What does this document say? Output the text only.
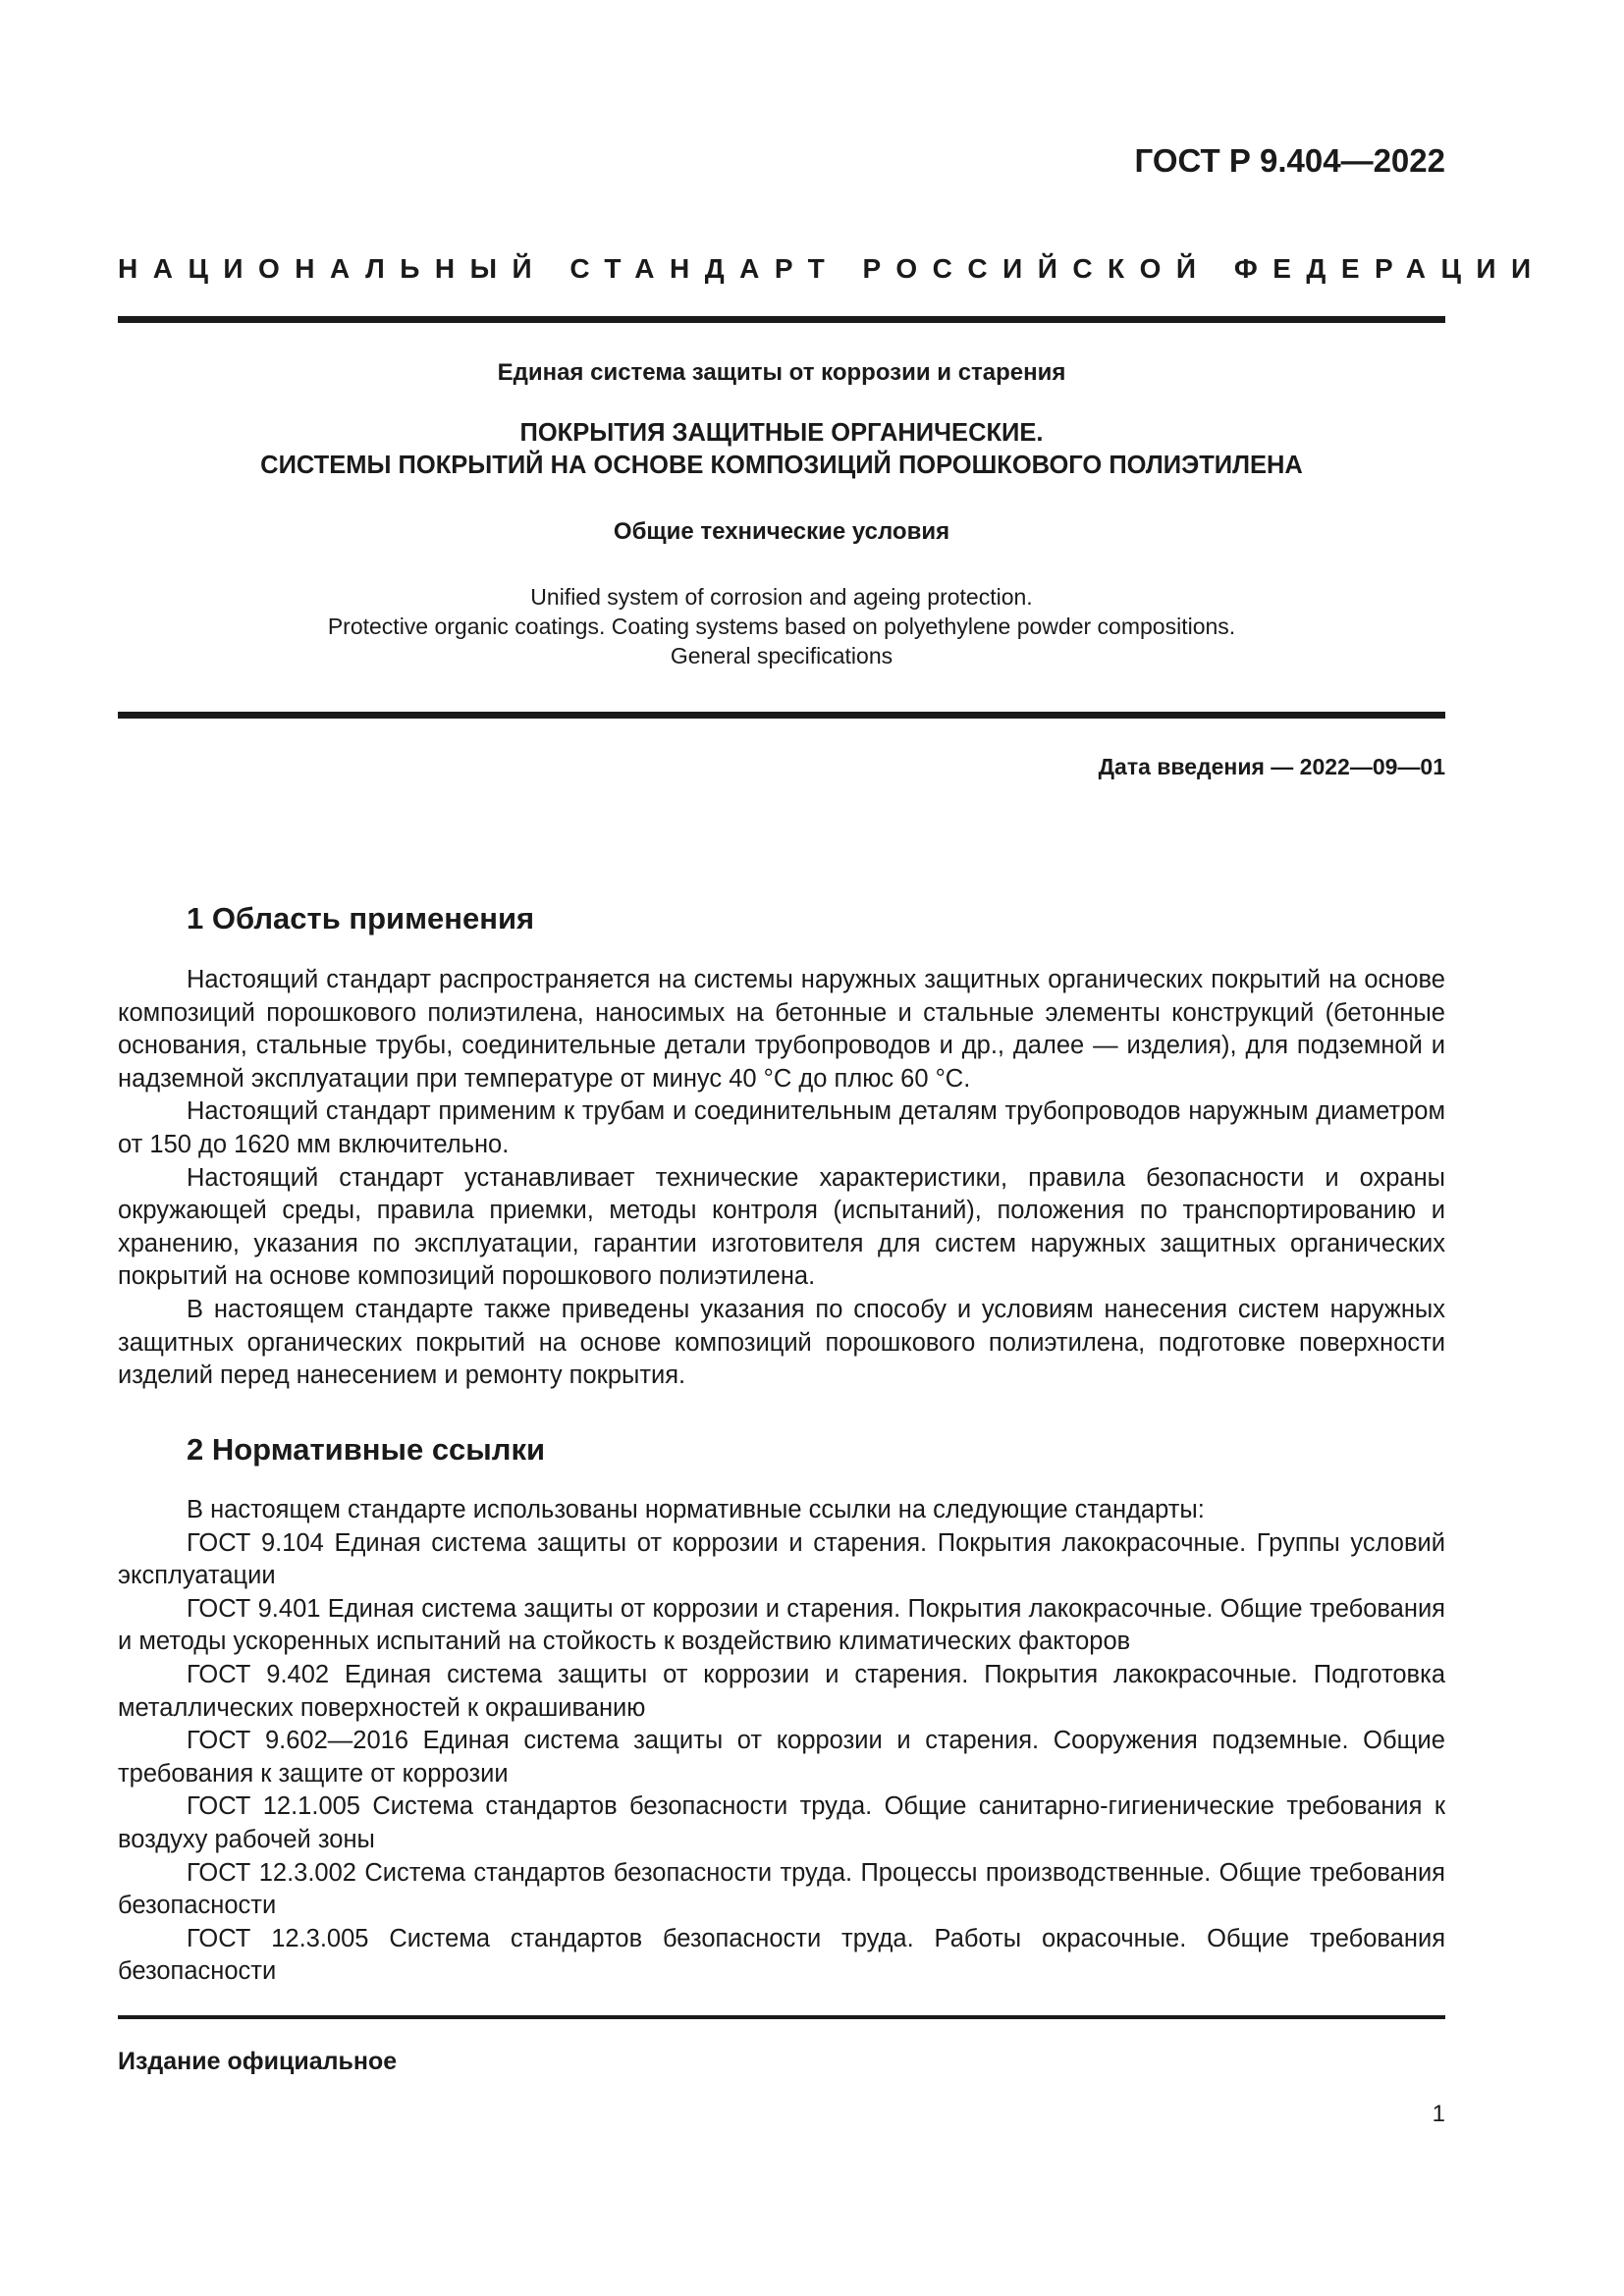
ГОСТ Р 9.404—2022
НАЦИОНАЛЬНЫЙ СТАНДАРТ РОССИЙСКОЙ ФЕДЕРАЦИИ
Единая система защиты от коррозии и старения
ПОКРЫТИЯ ЗАЩИТНЫЕ ОРГАНИЧЕСКИЕ.
СИСТЕМЫ ПОКРЫТИЙ НА ОСНОВЕ КОМПОЗИЦИЙ ПОРОШКОВОГО ПОЛИЭТИЛЕНА
Общие технические условия
Unified system of corrosion and ageing protection.
Protective organic coatings. Coating systems based on polyethylene powder compositions.
General specifications
Дата введения — 2022—09—01
1 Область применения

Настоящий стандарт распространяется на системы наружных защитных органических покрытий на основе композиций порошкового полиэтилена, наносимых на бетонные и стальные элементы конструкций (бетонные основания, стальные трубы, соединительные детали трубопроводов и др., далее — изделия), для подземной и надземной эксплуатации при температуре от минус 40 °С до плюс 60 °С.

Настоящий стандарт применим к трубам и соединительным деталям трубопроводов наружным диаметром от 150 до 1620 мм включительно.

Настоящий стандарт устанавливает технические характеристики, правила безопасности и охраны окружающей среды, правила приемки, методы контроля (испытаний), положения по транспортированию и хранению, указания по эксплуатации, гарантии изготовителя для систем наружных защитных органических покрытий на основе композиций порошкового полиэтилена.

В настоящем стандарте также приведены указания по способу и условиям нанесения систем наружных защитных органических покрытий на основе композиций порошкового полиэтилена, подготовке поверхности изделий перед нанесением и ремонту покрытия.

2 Нормативные ссылки

В настоящем стандарте использованы нормативные ссылки на следующие стандарты:

ГОСТ 9.104 Единая система защиты от коррозии и старения. Покрытия лакокрасочные. Группы условий эксплуатации

ГОСТ 9.401 Единая система защиты от коррозии и старения. Покрытия лакокрасочные. Общие требования и методы ускоренных испытаний на стойкость к воздействию климатических факторов

ГОСТ 9.402 Единая система защиты от коррозии и старения. Покрытия лакокрасочные. Подготовка металлических поверхностей к окрашиванию

ГОСТ 9.602—2016 Единая система защиты от коррозии и старения. Сооружения подземные. Общие требования к защите от коррозии

ГОСТ 12.1.005 Система стандартов безопасности труда. Общие санитарно-гигиенические требования к воздуху рабочей зоны

ГОСТ 12.3.002 Система стандартов безопасности труда. Процессы производственные. Общие требования безопасности

ГОСТ 12.3.005 Система стандартов безопасности труда. Работы окрасочные. Общие требования безопасности

Издание официальное
1
